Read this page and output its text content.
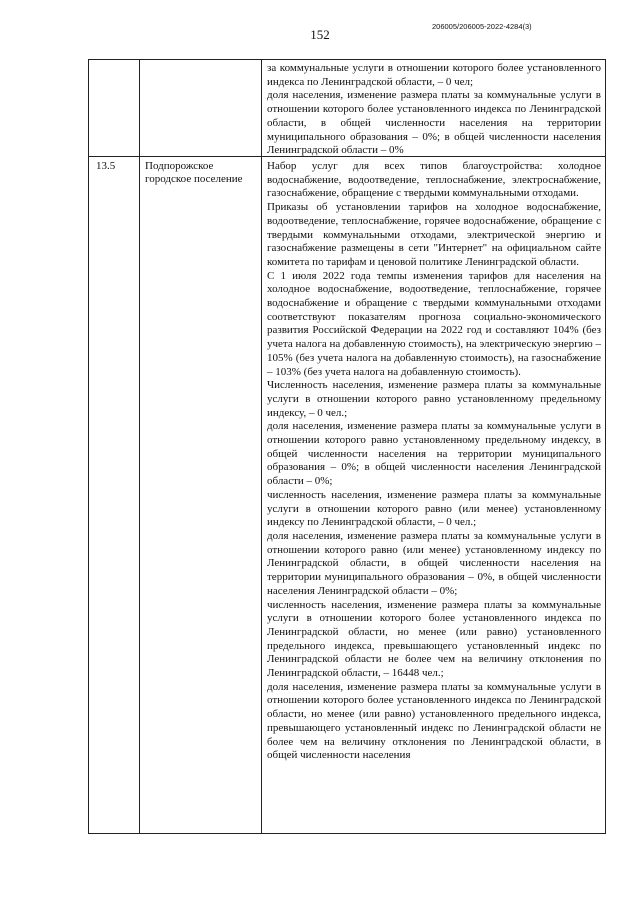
152
206005/206005-2022-4284(3)

за коммунальные услуги в отношении которого более установленного индекса по Ленинградской области, – 0 чел;

доля населения, изменение размера платы за коммунальные услуги в отношении которого более установленного индекса по Ленинградской области, в общей численности населения на территории муниципального образования – 0%; в общей численности населения Ленинградской области – 0%

13.5	Подпорожское городское поселение

Набор услуг для всех типов благоустройства: холодное водоснабжение, водоотведение, теплоснабжение, электроснабжение, газоснабжение, обращение с твердыми коммунальными отходами.

Приказы об установлении тарифов на холодное водоснабжение, водоотведение, теплоснабжение, горячее водоснабжение, обращение с твердыми коммунальными отходами, электрической энергию и газоснабжение размещены в сети "Интернет" на официальном сайте комитета по тарифам и ценовой политике Ленинградской области.

С 1 июля 2022 года темпы изменения тарифов для населения на холодное водоснабжение, водоотведение, теплоснабжение, горячее водоснабжение и обращение с твердыми коммунальными отходами соответствуют показателям прогноза социально-экономического развития Российской Федерации на 2022 год и составляют 104% (без учета налога на добавленную стоимость), на электрическую энергию – 105% (без учета налога на добавленную стоимость), на газоснабжение – 103% (без учета налога на добавленную стоимость).

Численность населения, изменение размера платы за коммунальные услуги в отношении которого равно установленному предельному индексу, – 0 чел.;

доля населения, изменение размера платы за коммунальные услуги в отношении которого равно установленному предельному индексу, в общей численности населения на территории муниципального образования – 0%; в общей численности населения Ленинградской области – 0%;

численность населения, изменение размера платы за коммунальные услуги в отношении которого равно (или менее) установленному индексу по Ленинградской области, – 0 чел.;

доля населения, изменение размера платы за коммунальные услуги в отношении которого равно (или менее) установленному индексу по Ленинградской области, в общей численности населения на территории муниципального образования – 0%, в общей численности населения Ленинградской области – 0%;

численность населения, изменение размера платы за коммунальные услуги в отношении которого более установленного индекса по Ленинградской области, но менее (или равно) установленного предельного индекса, превышающего установленный индекс по Ленинградской области не более чем на величину отклонения по Ленинградской области, – 16448 чел.;

доля населения, изменение размера платы за коммунальные услуги в отношении которого более установленного индекса по Ленинградской области, но менее (или равно) установленного предельного индекса, превышающего установленный индекс по Ленинградской области не более чем на величину отклонения по Ленинградской области, в общей численности населения
